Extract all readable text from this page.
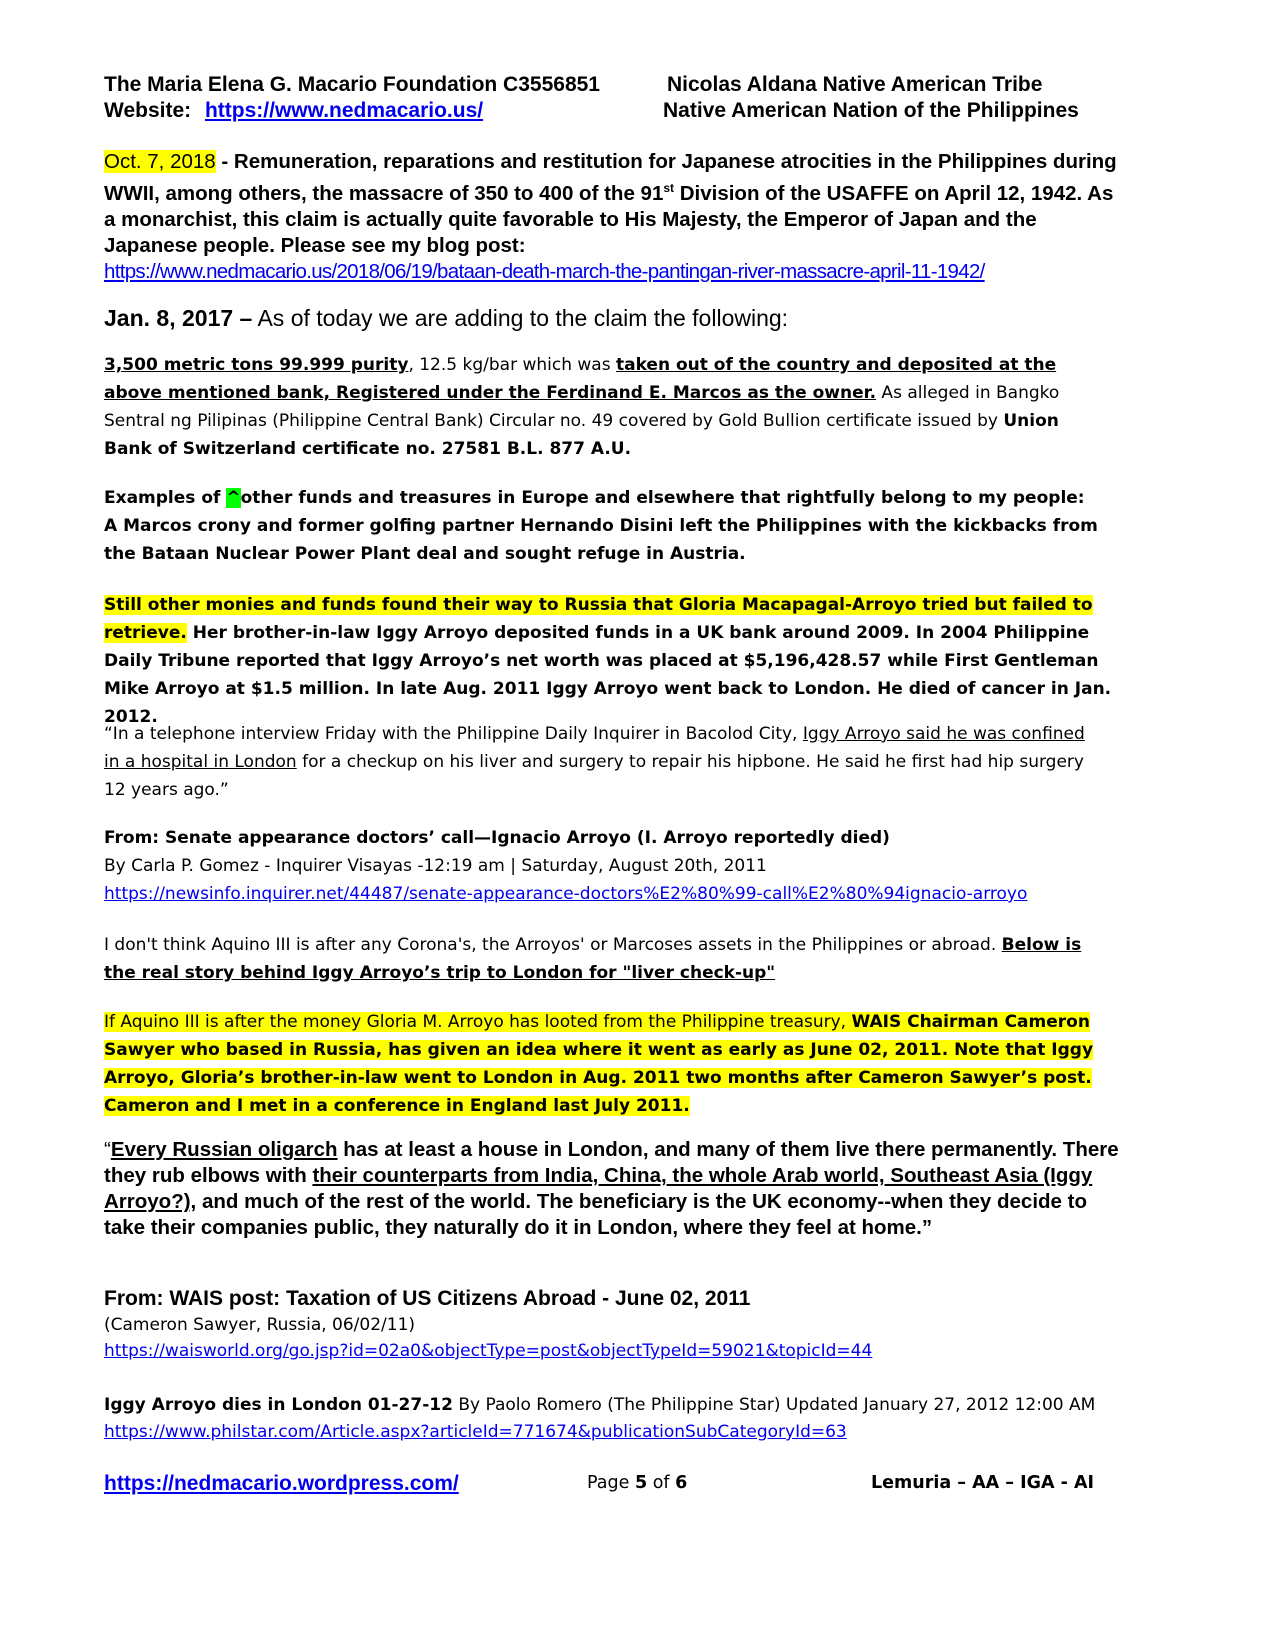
The Maria Elena G. Macario Foundation C3556851
Website: https://www.nedmacario.us/
Nicolas Aldana Native American Tribe
Native American Nation of the Philippines

Oct. 7, 2018 - Remuneration, reparations and restitution for Japanese atrocities in the Philippines during WWII, among others, the massacre of 350 to 400 of the 91st Division of the USAFFE on April 12, 1942. As a monarchist, this claim is actually quite favorable to His Majesty, the Emperor of Japan and the Japanese people. Please see my blog post:

https://www.nedmacario.us/2018/06/19/bataan-death-march-the-pantingan-river-massacre-april-11-1942/

Jan. 8, 2017 – As of today we are adding to the claim the following:
3,500 metric tons 99.999 purity, 12.5 kg/bar which was taken out of the country and deposited at the above mentioned bank, Registered under the Ferdinand E. Marcos as the owner. As alleged in Bangko Sentral ng Pilipinas (Philippine Central Bank) Circular no. 49 covered by Gold Bullion certificate issued by Union Bank of Switzerland certificate no. 27581 B.L. 877 A.U.

Examples of ^other funds and treasures in Europe and elsewhere that rightfully belong to my people:

A Marcos crony and former golfing partner Hernando Disini left the Philippines with the kickbacks from the Bataan Nuclear Power Plant deal and sought refuge in Austria.

Still other monies and funds found their way to Russia that Gloria Macapagal-Arroyo tried but failed to retrieve. Her brother-in-law Iggy Arroyo deposited funds in a UK bank around 2009. In 2004 Philippine Daily Tribune reported that Iggy Arroyo’s net worth was placed at $5,196,428.57 while First Gentleman Mike Arroyo at $1.5 million. In late Aug. 2011 Iggy Arroyo went back to London. He died of cancer in Jan. 2012.
“In a telephone interview Friday with the Philippine Daily Inquirer in Bacolod City, Iggy Arroyo said he was confined in a hospital in London for a checkup on his liver and surgery to repair his hipbone. He said he first had hip surgery 12 years ago.”

From: Senate appearance doctors’ call—Ignacio Arroyo (I. Arroyo reportedly died)

By Carla P. Gomez - Inquirer Visayas -12:19 am | Saturday, August 20th, 2011

https://newsinfo.inquirer.net/44487/senate-appearance-doctors%E2%80%99-call%E2%80%94ignacio-arroyo

I don't think Aquino III is after any Corona's, the Arroyos' or Marcoses assets in the Philippines or abroad. Below is the real story behind Iggy Arroyo’s trip to London for "liver check-up"
If Aquino III is after the money Gloria M. Arroyo has looted from the Philippine treasury, WAIS Chairman Cameron Sawyer who based in Russia, has given an idea where it went as early as June 02, 2011. Note that Iggy Arroyo, Gloria’s brother-in-law went to London in Aug. 2011 two months after Cameron Sawyer’s post. Cameron and I met in a conference in England last July 2011.
“Every Russian oligarch has at least a house in London, and many of them live there permanently. There they rub elbows with their counterparts from India, China, the whole Arab world, Southeast Asia (Iggy Arroyo?), and much of the rest of the world. The beneficiary is the UK economy--when they decide to take their companies public, they naturally do it in London, where they feel at home.”

From: WAIS post: Taxation of US Citizens Abroad - June 02, 2011

(Cameron Sawyer, Russia, 06/02/11)

https://waisworld.org/go.jsp?id=02a0&objectType=post&objectTypeId=59021&topicId=44

Iggy Arroyo dies in London 01-27-12 By Paolo Romero (The Philippine Star) Updated January 27, 2012 12:00 AM

https://www.philstar.com/Article.aspx?articleId=771674&publicationSubCategoryId=63

https://nedmacario.wordpress.com/	Page 5 of 6	Lemuria – AA – IGA - AI
